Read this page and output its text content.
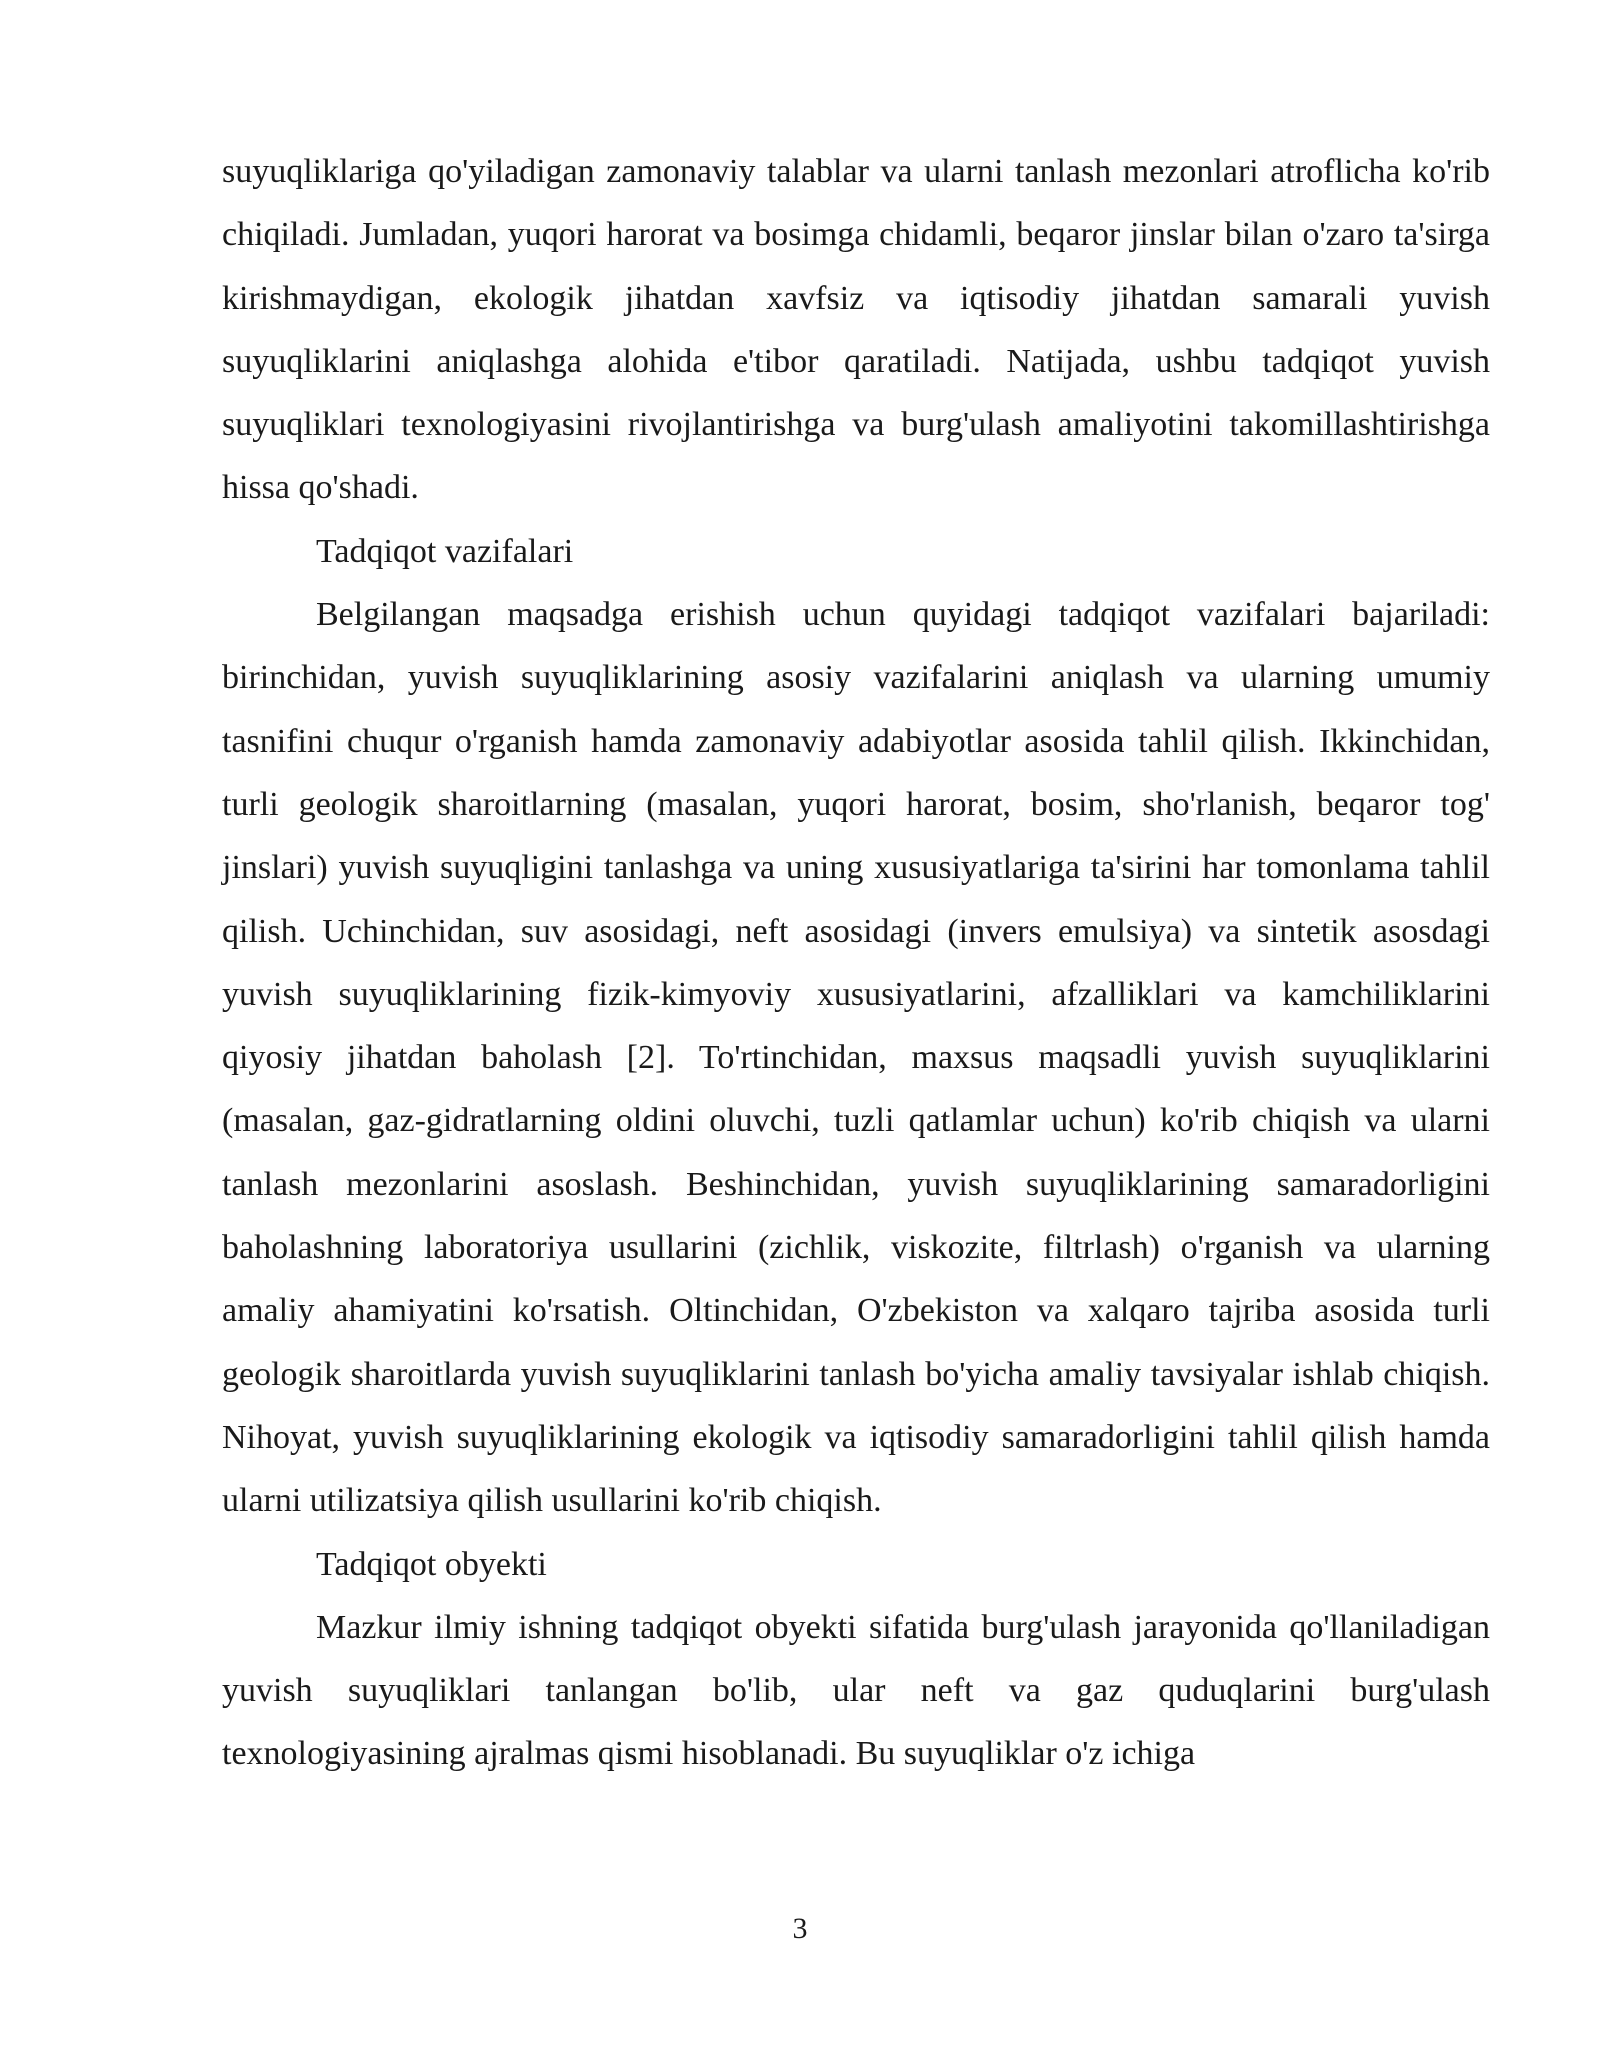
suyuqliklariga qo'yiladigan zamonaviy talablar va ularni tanlash mezonlari atroflicha ko'rib chiqiladi. Jumladan, yuqori harorat va bosimga chidamli, beqaror jinslar bilan o'zaro ta'sirga kirishmaydigan, ekologik jihatdan xavfsiz va iqtisodiy jihatdan samarali yuvish suyuqliklarini aniqlashga alohida e'tibor qaratiladi. Natijada, ushbu tadqiqot yuvish suyuqliklari texnologiyasini rivojlantirishga va burg'ulash amaliyotini takomillashtirishga hissa qo'shadi.

Tadqiqot vazifalari

Belgilangan maqsadga erishish uchun quyidagi tadqiqot vazifalari bajariladi: birinchidan, yuvish suyuqliklarining asosiy vazifalarini aniqlash va ularning umumiy tasnifini chuqur o'rganish hamda zamonaviy adabiyotlar asosida tahlil qilish. Ikkinchidan, turli geologik sharoitlarning (masalan, yuqori harorat, bosim, sho'rlanish, beqaror tog' jinslari) yuvish suyuqligini tanlashga va uning xususiyatlariga ta'sirini har tomonlama tahlil qilish. Uchinchidan, suv asosidagi, neft asosidagi (invers emulsiya) va sintetik asosdagi yuvish suyuqliklarining fizik-kimyoviy xususiyatlarini, afzalliklari va kamchiliklarini qiyosiy jihatdan baholash [2]. To'rtinchidan, maxsus maqsadli yuvish suyuqliklarini (masalan, gaz-gidratlarning oldini oluvchi, tuzli qatlamlar uchun) ko'rib chiqish va ularni tanlash mezonlarini asoslash. Beshinchidan, yuvish suyuqliklarining samaradorligini baholashning laboratoriya usullarini (zichlik, viskozite, filtrlash) o'rganish va ularning amaliy ahamiyatini ko'rsatish. Oltinchidan, O'zbekiston va xalqaro tajriba asosida turli geologik sharoitlarda yuvish suyuqliklarini tanlash bo'yicha amaliy tavsiyalar ishlab chiqish. Nihoyat, yuvish suyuqliklarining ekologik va iqtisodiy samaradorligini tahlil qilish hamda ularni utilizatsiya qilish usullarini ko'rib chiqish.

Tadqiqot obyekti

Mazkur ilmiy ishning tadqiqot obyekti sifatida burg'ulash jarayonida qo'llaniladigan yuvish suyuqliklari tanlangan bo'lib, ular neft va gaz quduqlarini burg'ulash texnologiyasining ajralmas qismi hisoblanadi. Bu suyuqliklar o'z ichiga

3
